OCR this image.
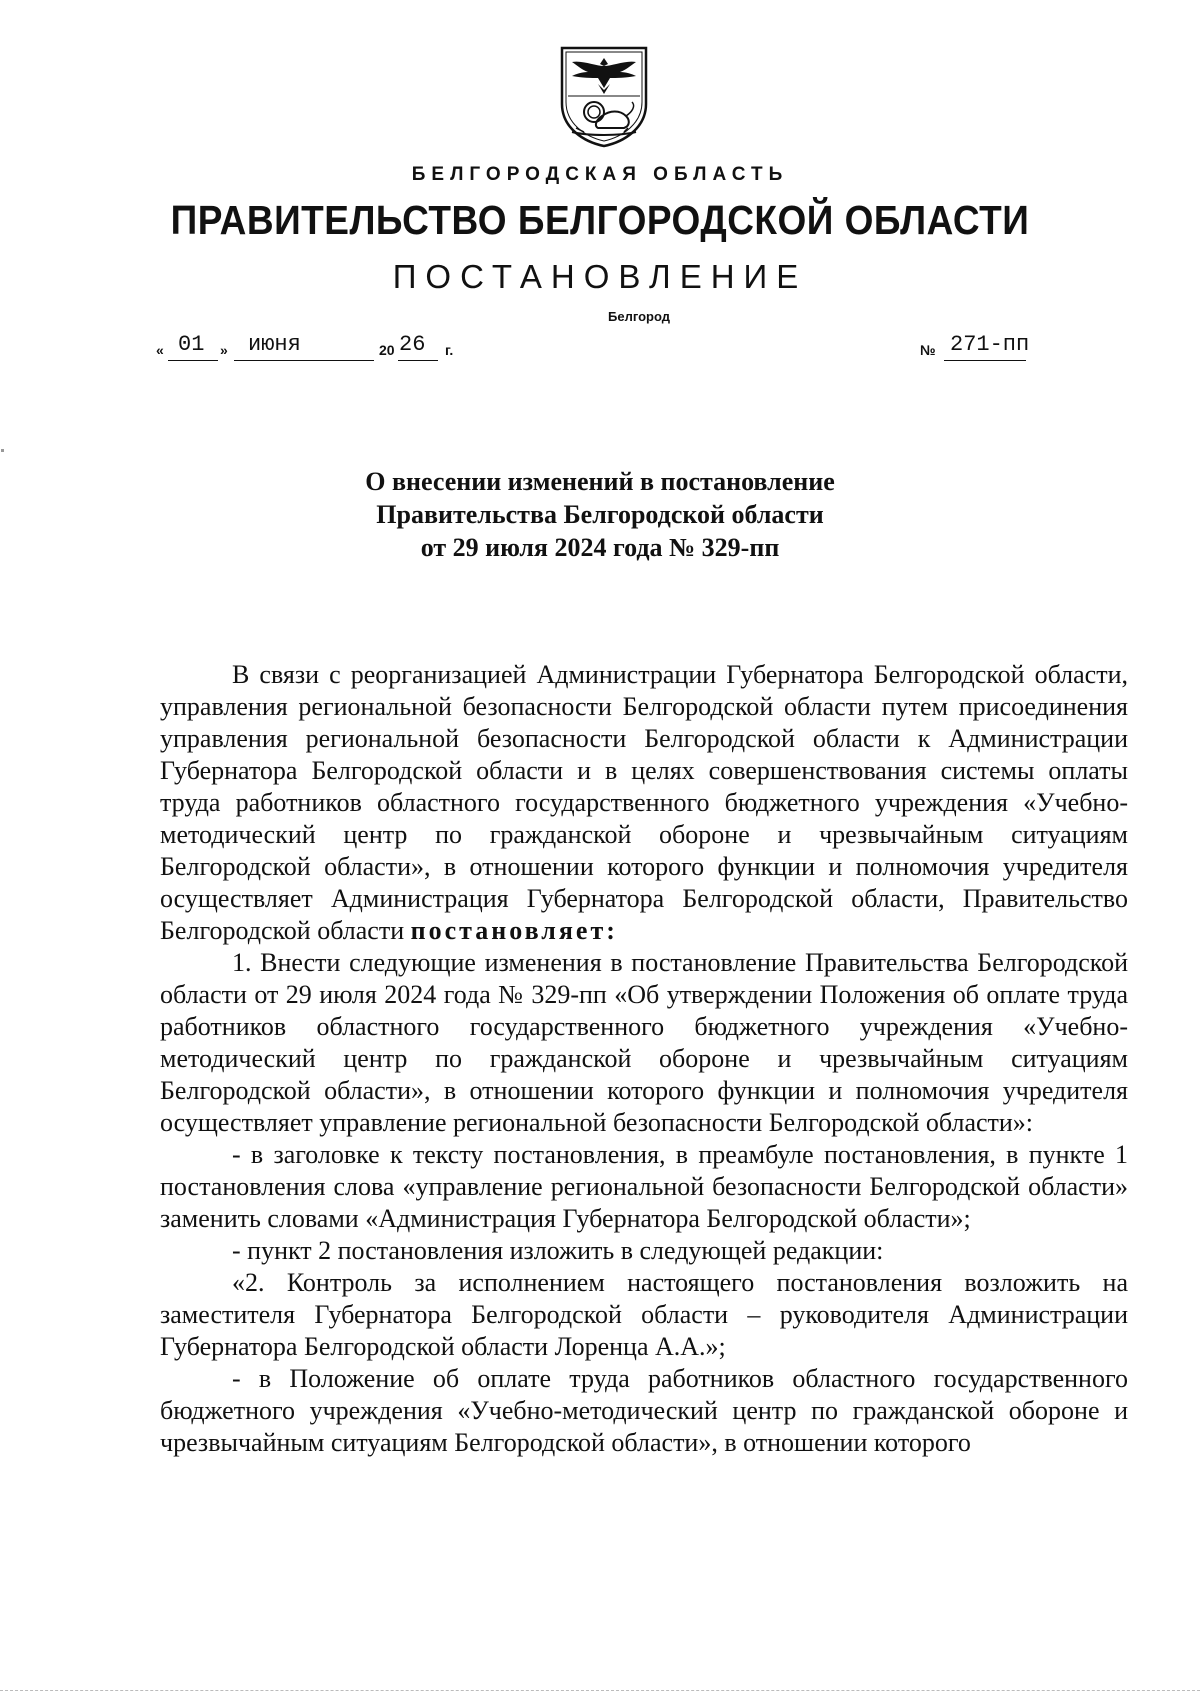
БЕЛГОРОДСКАЯ ОБЛАСТЬ
ПРАВИТЕЛЬСТВО БЕЛГОРОДСКОЙ ОБЛАСТИ
ПОСТАНОВЛЕНИЕ
Белгород
« 01 » июня	20 26 г.	№ 271-пп
О внесении изменений в постановление
Правительства Белгородской области
от 29 июля 2024 года № 329-пп

В связи с реорганизацией Администрации Губернатора Белгородской области, управления региональной безопасности Белгородской области путем присоединения управления региональной безопасности Белгородской области к Администрации Губернатора Белгородской области и в целях совершенствования системы оплаты труда работников областного государственного бюджетного учреждения «Учебно-методический центр по гражданской обороне и чрезвычайным ситуациям Белгородской области», в отношении которого функции и полномочия учредителя осуществляет Администрация Губернатора Белгородской области, Правительство Белгородской области постановляет:

1. Внести следующие изменения в постановление Правительства Белгородской области от 29 июля 2024 года № 329-пп «Об утверждении Положения об оплате труда работников областного государственного бюджетного учреждения «Учебно-методический центр по гражданской обороне и чрезвычайным ситуациям Белгородской области», в отношении которого функции и полномочия учредителя осуществляет управление региональной безопасности Белгородской области»:

- в заголовке к тексту постановления, в преамбуле постановления, в пункте 1 постановления слова «управление региональной безопасности Белгородской области» заменить словами «Администрация Губернатора Белгородской области»;

- пункт 2 постановления изложить в следующей редакции:

«2. Контроль за исполнением настоящего постановления возложить на заместителя Губернатора Белгородской области – руководителя Администрации Губернатора Белгородской области Лоренца А.А.»;

- в Положение об оплате труда работников областного государственного бюджетного учреждения «Учебно-методический центр по гражданской обороне и чрезвычайным ситуациям Белгородской области», в отношении которого
